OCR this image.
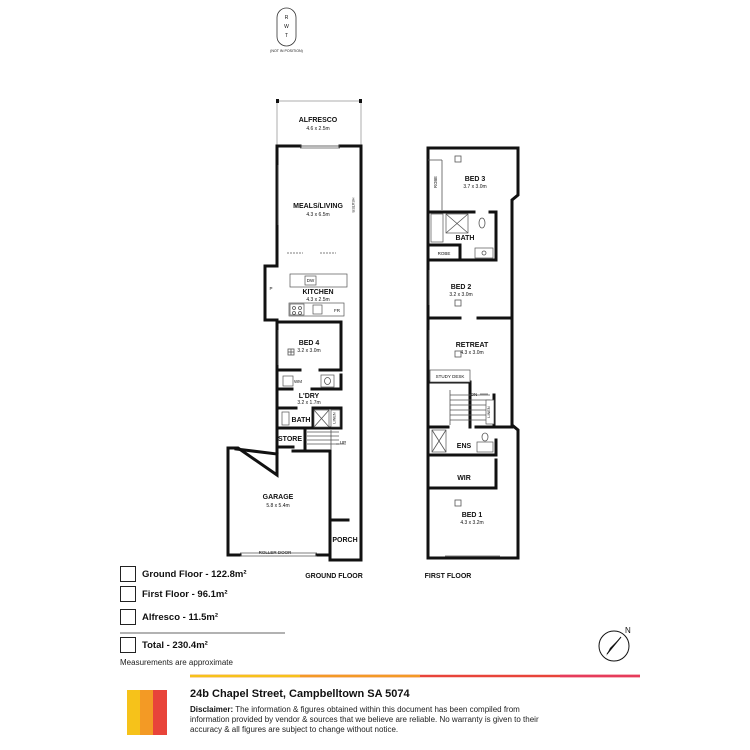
R
W
T
(NOT IN POSITION)
ALFRESCO
4.6 x 2.5m
MEALS/LIVING
4.3 x 6.5m
HEATER
DW
KITCHEN
4.3 x 2.5m
P
FR
BED 4
3.2 x 3.0m
WM
L'DRY
3.2 x 1.7m
BATH	LINEN
STORE	UP
GARAGE
5.8 x 5.4m
ROLLER DOOR
PORCH
GROUND FLOOR
ROBE	BED 3
3.7 x 3.0m
BATH
ROBE
BED 2
3.2 x 3.0m
RETREAT
4.3 x 3.0m
STUDY DESK
DN
LINEN
ENS
WIR
BED 1
4.3 x 3.2m
FIRST FLOOR
N
Ground Floor - 122.8m²
First Floor - 96.1m²
Alfresco - 11.5m²
Total - 230.4m²
Measurements are approximate
24b Chapel Street, Campbelltown SA 5074
Disclaimer: The information & figures obtained within this document has been compiled from information provided by vendor & sources that we believe are reliable. No warranty is given to their accuracy & all figures are subject to change without notice.
